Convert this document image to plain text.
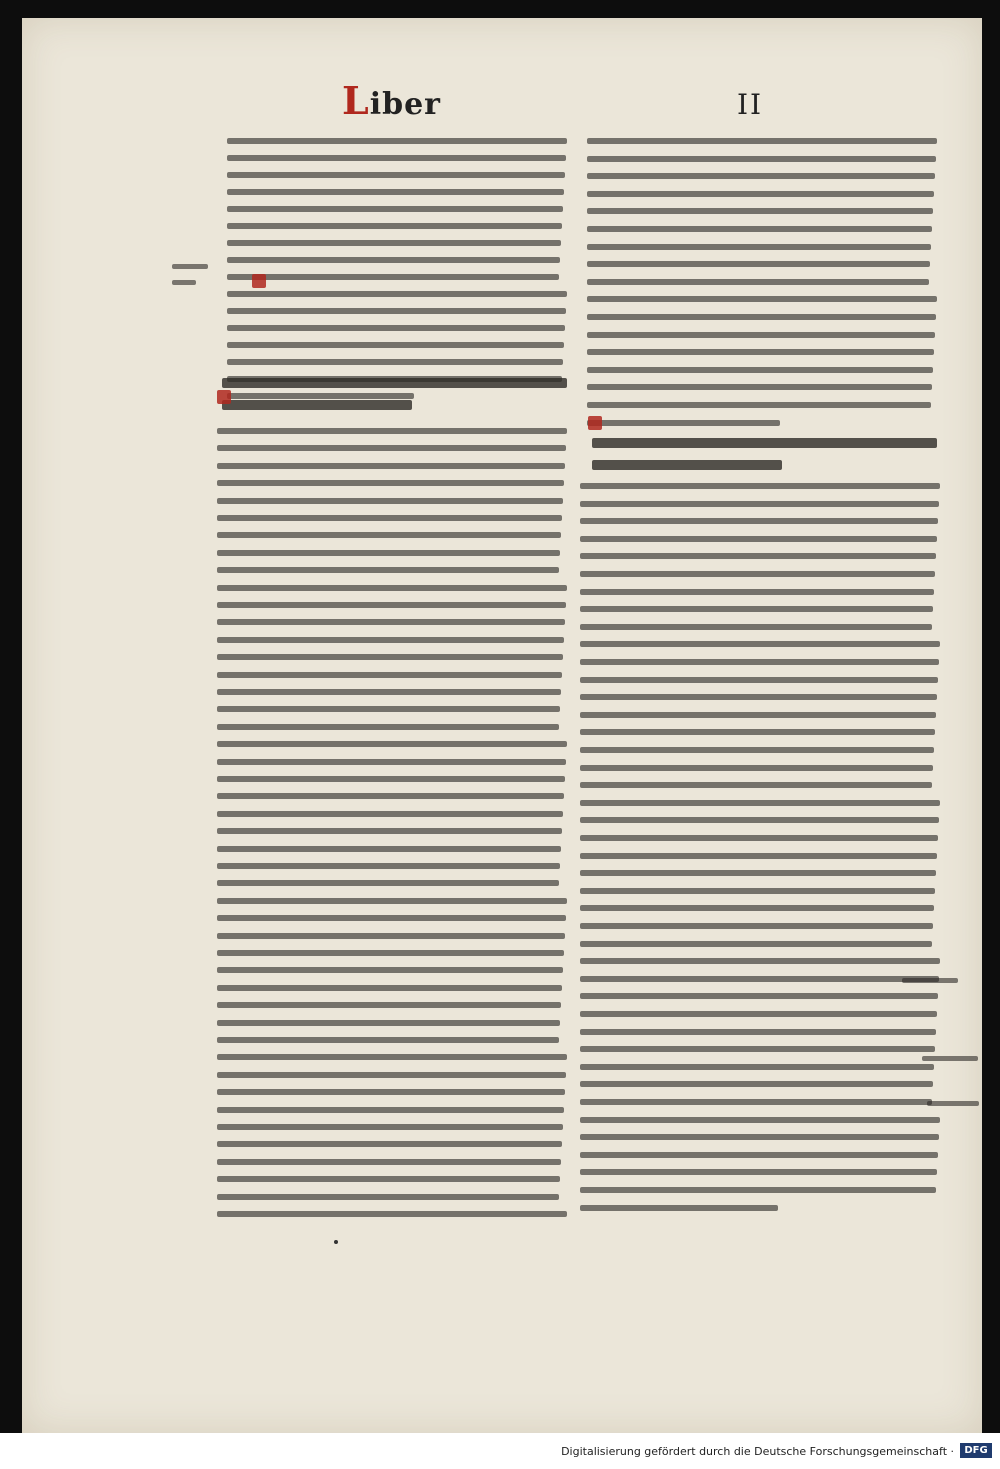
Liber	II
Digitalisierung gefördert durch die Deutsche Forschungsgemeinschaft ·	DFG
